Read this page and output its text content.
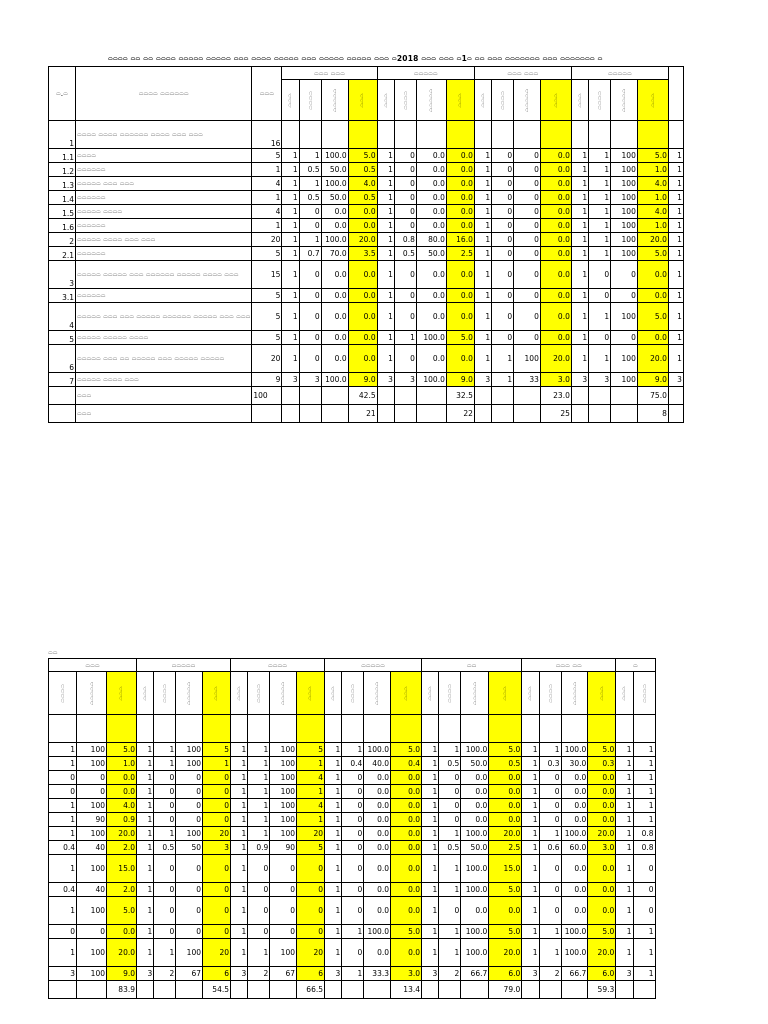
𓏏𓏏𓏏𓏏 𓏏𓏏 𓏏𓏏 𓏏𓏏𓏏𓏏 𓏏𓏏𓏏𓏏𓏏 𓏏𓏏𓏏𓏏𓏏 𓏏𓏏𓏏 𓏏𓏏𓏏𓏏 𓏏𓏏𓏏𓏏𓏏 𓏏𓏏𓏏 𓏏𓏏𓏏𓏏𓏏 𓏏𓏏𓏏𓏏𓏏 𓏏𓏏𓏏 𓏏2018 𓏏𓏏𓏏 𓏏𓏏𓏏 𓏏1𓏏 𓏏𓏏 𓏏𓏏𓏏 𓏏𓏏𓏏𓏏𓏏𓏏𓏏 𓏏𓏏𓏏 𓏏𓏏𓏏𓏏𓏏𓏏𓏏 𓏏
𓏏.𓏏	𓏏𓏏𓏏𓏏 𓏏𓏏𓏏𓏏𓏏𓏏	𓏏𓏏𓏏	𓏏𓏏𓏏 𓏏𓏏𓏏				𓏏𓏏𓏏𓏏𓏏				𓏏𓏏𓏏 𓏏𓏏𓏏				𓏏𓏏𓏏𓏏𓏏				
			𓏏𓏏𓏏	𓏏𓏏𓏏𓏏	𓏏𓏏𓏏𓏏𓏏	𓏏𓏏𓏏	𓏏𓏏𓏏	𓏏𓏏𓏏𓏏	𓏏𓏏𓏏𓏏𓏏	𓏏𓏏𓏏	𓏏𓏏𓏏	𓏏𓏏𓏏𓏏	𓏏𓏏𓏏𓏏𓏏	𓏏𓏏𓏏	𓏏𓏏𓏏	𓏏𓏏𓏏𓏏	𓏏𓏏𓏏𓏏𓏏	𓏏𓏏𓏏	
1	𓏏𓏏𓏏𓏏 𓏏𓏏𓏏𓏏 𓏏𓏏𓏏𓏏𓏏𓏏 𓏏𓏏𓏏𓏏 𓏏𓏏𓏏 𓏏𓏏𓏏	16																	
1.1	𓏏𓏏𓏏𓏏	5	1	1	100.0	5.0	1	0	0.0	0.0	1	0	0	0.0	1	1	100	5.0	1
1.2	𓏏𓏏𓏏𓏏𓏏𓏏	1	1	0.5	50.0	0.5	1	0	0.0	0.0	1	0	0	0.0	1	1	100	1.0	1
1.3	𓏏𓏏𓏏𓏏𓏏 𓏏𓏏𓏏 𓏏𓏏𓏏	4	1	1	100.0	4.0	1	0	0.0	0.0	1	0	0	0.0	1	1	100	4.0	1
1.4	𓏏𓏏𓏏𓏏𓏏𓏏	1	1	0.5	50.0	0.5	1	0	0.0	0.0	1	0	0	0.0	1	1	100	1.0	1
1.5	𓏏𓏏𓏏𓏏𓏏 𓏏𓏏𓏏𓏏	4	1	0	0.0	0.0	1	0	0.0	0.0	1	0	0	0.0	1	1	100	4.0	1
1.6	𓏏𓏏𓏏𓏏𓏏𓏏	1	1	0	0.0	0.0	1	0	0.0	0.0	1	0	0	0.0	1	1	100	1.0	1
2	𓏏𓏏𓏏𓏏𓏏 𓏏𓏏𓏏𓏏 𓏏𓏏𓏏 𓏏𓏏𓏏	20	1	1	100.0	20.0	1	0.8	80.0	16.0	1	0	0	0.0	1	1	100	20.0	1
2.1	𓏏𓏏𓏏𓏏𓏏𓏏	5	1	0.7	70.0	3.5	1	0.5	50.0	2.5	1	0	0	0.0	1	1	100	5.0	1
3	𓏏𓏏𓏏𓏏𓏏 𓏏𓏏𓏏𓏏𓏏 𓏏𓏏𓏏 𓏏𓏏𓏏𓏏𓏏𓏏 𓏏𓏏𓏏𓏏𓏏 𓏏𓏏𓏏𓏏 𓏏𓏏𓏏	15	1	0	0.0	0.0	1	0	0.0	0.0	1	0	0	0.0	1	0	0	0.0	1
3.1	𓏏𓏏𓏏𓏏𓏏𓏏	5	1	0	0.0	0.0	1	0	0.0	0.0	1	0	0	0.0	1	0	0	0.0	1
4	𓏏𓏏𓏏𓏏𓏏 𓏏𓏏𓏏 𓏏𓏏𓏏 𓏏𓏏𓏏𓏏𓏏 𓏏𓏏𓏏𓏏𓏏𓏏 𓏏𓏏𓏏𓏏𓏏 𓏏𓏏𓏏 𓏏𓏏𓏏	5	1	0	0.0	0.0	1	0	0.0	0.0	1	0	0	0.0	1	1	100	5.0	1
5	𓏏𓏏𓏏𓏏𓏏 𓏏𓏏𓏏𓏏𓏏 𓏏𓏏𓏏𓏏	5	1	0	0.0	0.0	1	1	100.0	5.0	1	0	0	0.0	1	0	0	0.0	1
6	𓏏𓏏𓏏𓏏𓏏 𓏏𓏏𓏏 𓏏𓏏 𓏏𓏏𓏏𓏏𓏏 𓏏𓏏𓏏 𓏏𓏏𓏏𓏏𓏏 𓏏𓏏𓏏𓏏𓏏	20	1	0	0.0	0.0	1	0	0.0	0.0	1	1	100	20.0	1	1	100	20.0	1
7	𓏏𓏏𓏏𓏏𓏏 𓏏𓏏𓏏𓏏 𓏏𓏏𓏏	9	3	3	100.0	9.0	3	3	100.0	9.0	3	1	33	3.0	3	3	100	9.0	3
	𓏏𓏏𓏏	100				42.5				32.5				23.0				75.0	
	𓏏𓏏𓏏					21				22				25				8	
𓏏𓏏
𓏏𓏏𓏏			𓏏𓏏𓏏𓏏𓏏				𓏏𓏏𓏏𓏏				𓏏𓏏𓏏𓏏𓏏				𓏏𓏏				𓏏𓏏𓏏 𓏏𓏏				𓏏	
𓏏𓏏𓏏𓏏	𓏏𓏏𓏏𓏏𓏏	𓏏𓏏𓏏	𓏏𓏏𓏏	𓏏𓏏𓏏𓏏	𓏏𓏏𓏏𓏏𓏏	𓏏𓏏𓏏	𓏏𓏏𓏏	𓏏𓏏𓏏𓏏	𓏏𓏏𓏏𓏏𓏏	𓏏𓏏𓏏	𓏏𓏏𓏏	𓏏𓏏𓏏𓏏	𓏏𓏏𓏏𓏏𓏏	𓏏𓏏𓏏	𓏏𓏏𓏏	𓏏𓏏𓏏𓏏	𓏏𓏏𓏏𓏏𓏏	𓏏𓏏𓏏	𓏏𓏏𓏏	𓏏𓏏𓏏𓏏	𓏏𓏏𓏏𓏏𓏏	𓏏𓏏𓏏	𓏏𓏏𓏏	𓏏𓏏𓏏𓏏

1	100	5.0	1	1	100	5	1	1	100	5	1	1	100.0	5.0	1	1	100.0	5.0	1	1	100.0	5.0	1	1
1	100	1.0	1	1	100	1	1	1	100	1	1	0.4	40.0	0.4	1	0.5	50.0	0.5	1	0.3	30.0	0.3	1	1
0	0	0.0	1	0	0	0	1	1	100	4	1	0	0.0	0.0	1	0	0.0	0.0	1	0	0.0	0.0	1	1
0	0	0.0	1	0	0	0	1	1	100	1	1	0	0.0	0.0	1	0	0.0	0.0	1	0	0.0	0.0	1	1
1	100	4.0	1	0	0	0	1	1	100	4	1	0	0.0	0.0	1	0	0.0	0.0	1	0	0.0	0.0	1	1
1	90	0.9	1	0	0	0	1	1	100	1	1	0	0.0	0.0	1	0	0.0	0.0	1	0	0.0	0.0	1	1
1	100	20.0	1	1	100	20	1	1	100	20	1	0	0.0	0.0	1	1	100.0	20.0	1	1	100.0	20.0	1	0.8
0.4	40	2.0	1	0.5	50	3	1	0.9	90	5	1	0	0.0	0.0	1	0.5	50.0	2.5	1	0.6	60.0	3.0	1	0.8
1	100	15.0	1	0	0	0	1	0	0	0	1	0	0.0	0.0	1	1	100.0	15.0	1	0	0.0	0.0	1	0
0.4	40	2.0	1	0	0	0	1	0	0	0	1	0	0.0	0.0	1	1	100.0	5.0	1	0	0.0	0.0	1	0
1	100	5.0	1	0	0	0	1	0	0	0	1	0	0.0	0.0	1	0	0.0	0.0	1	0	0.0	0.0	1	0
0	0	0.0	1	0	0	0	1	0	0	0	1	1	100.0	5.0	1	1	100.0	5.0	1	1	100.0	5.0	1	1
1	100	20.0	1	1	100	20	1	1	100	20	1	0	0.0	0.0	1	1	100.0	20.0	1	1	100.0	20.0	1	1
3	100	9.0	3	2	67	6	3	2	67	6	3	1	33.3	3.0	3	2	66.7	6.0	3	2	66.7	6.0	3	1
		83.9				54.5				66.5				13.4				79.0				59.3		
